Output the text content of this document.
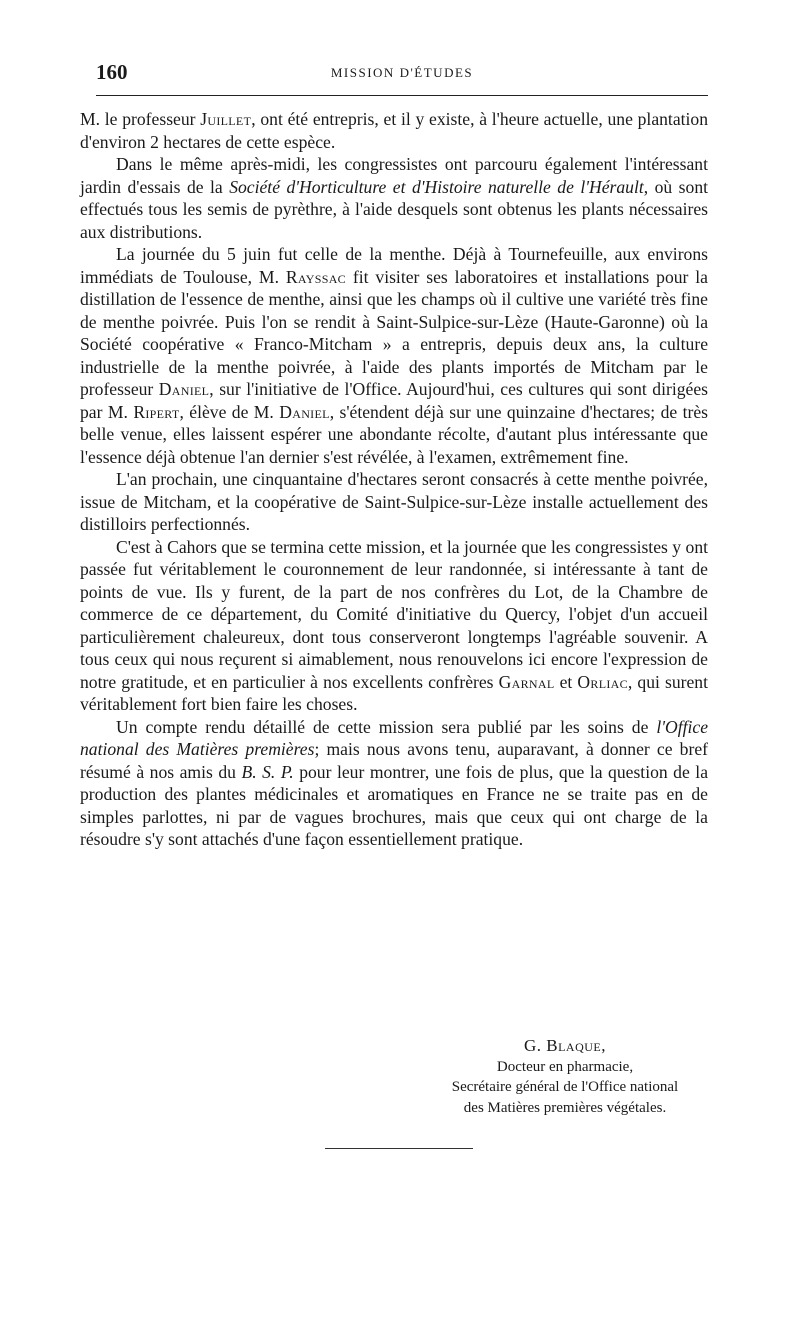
160	MISSION D'ÉTUDES

M. le professeur Juillet, ont été entrepris, et il y existe, à l'heure actuelle, une plantation d'environ 2 hectares de cette espèce.

Dans le même après-midi, les congressistes ont parcouru également l'intéressant jardin d'essais de la Société d'Horticulture et d'Histoire naturelle de l'Hérault, où sont effectués tous les semis de pyrèthre, à l'aide desquels sont obtenus les plants nécessaires aux distributions.

La journée du 5 juin fut celle de la menthe. Déjà à Tournefeuille, aux environs immédiats de Toulouse, M. Rayssac fit visiter ses laboratoires et installations pour la distillation de l'essence de menthe, ainsi que les champs où il cultive une variété très fine de menthe poivrée. Puis l'on se rendit à Saint-Sulpice-sur-Lèze (Haute-Garonne) où la Société coopérative « Franco-Mitcham » a entrepris, depuis deux ans, la culture industrielle de la menthe poivrée, à l'aide des plants importés de Mitcham par le professeur Daniel, sur l'initiative de l'Office. Aujourd'hui, ces cultures qui sont dirigées par M. Ripert, élève de M. Daniel, s'étendent déjà sur une quinzaine d'hectares; de très belle venue, elles laissent espérer une abondante récolte, d'autant plus intéressante que l'essence déjà obtenue l'an dernier s'est révélée, à l'examen, extrêmement fine.

L'an prochain, une cinquantaine d'hectares seront consacrés à cette menthe poivrée, issue de Mitcham, et la coopérative de Saint-Sulpice-sur-Lèze installe actuellement des distilloirs perfectionnés.

C'est à Cahors que se termina cette mission, et la journée que les congressistes y ont passée fut véritablement le couronnement de leur randonnée, si intéressante à tant de points de vue. Ils y furent, de la part de nos confrères du Lot, de la Chambre de commerce de ce département, du Comité d'initiative du Quercy, l'objet d'un accueil particulièrement chaleureux, dont tous conserveront longtemps l'agréable souvenir. A tous ceux qui nous reçurent si aimablement, nous renouvelons ici encore l'expression de notre gratitude, et en particulier à nos excellents confrères Garnal et Orliac, qui surent véritablement fort bien faire les choses.

Un compte rendu détaillé de cette mission sera publié par les soins de l'Office national des Matières premières; mais nous avons tenu, auparavant, à donner ce bref résumé à nos amis du B. S. P. pour leur montrer, une fois de plus, que la question de la production des plantes médicinales et aromatiques en France ne se traite pas en de simples parlottes, ni par de vagues brochures, mais que ceux qui ont charge de la résoudre s'y sont attachés d'une façon essentiellement pratique.

G. Blaque,
Docteur en pharmacie,
Secrétaire général de l'Office national
des Matières premières végétales.
